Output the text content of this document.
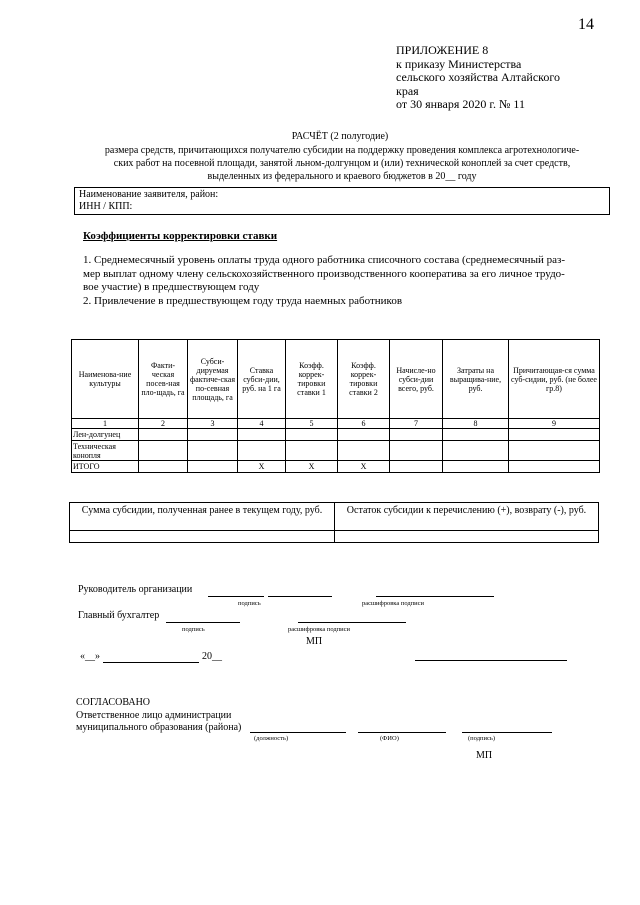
14
ПРИЛОЖЕНИЕ 8
к приказу Министерства
сельского хозяйства Алтайского
края
от 30 января 2020 г. № 11
РАСЧЁТ (2 полугодие)
размера средств, причитающихся получателю субсидии на поддержку проведения комплекса агротехнологиче-
ских работ на посевной площади, занятой льном-долгунцом и (или) технической коноплей за счет средств,
выделенных из федерального и краевого бюджетов в 20__ году
Наименование заявителя, район:
ИНН / КПП:
Коэффициенты корректировки ставки
1. Среднемесячный уровень оплаты труда одного работника списочного состава (среднемесячный раз-
мер выплат одному члену сельскохозяйственного производственного кооператива за его личное трудо-
вое участие) в предшествующем году
2. Привлечение в предшествующем году труда наемных работников
Наименова-ние культуры	Факти-ческая посев-ная пло-щадь, га	Субси-дируемая фактиче-ская по-севная площадь, га	Ставка субси-дии, руб. на 1 га	Коэфф. коррек-тировки ставки 1	Коэфф. коррек-тировки ставки 2	Начисле-но субси-дии всего, руб.	Затраты на выращива-ние, руб.	Причитающая-ся сумма суб-сидии, руб. (не более гр.8)
1	2	3	4	5	6	7	8	9
Лен-долгунец								
Техническая конопля								
ИТОГО			X	X	X			
Сумма субсидии, полученная ранее в текущем году, руб.	Остаток субсидии к перечислению (+), возврату (-), руб.

Руководитель организации
подпись	расшифровка подписи
Главный бухгалтер
подпись	расшифровка подписи
МП
«__»	20__
СОГЛАСОВАНО
Ответственное лицо администрации
муниципального образования (района)
(должность)	(ФИО)	(подпись)
МП
